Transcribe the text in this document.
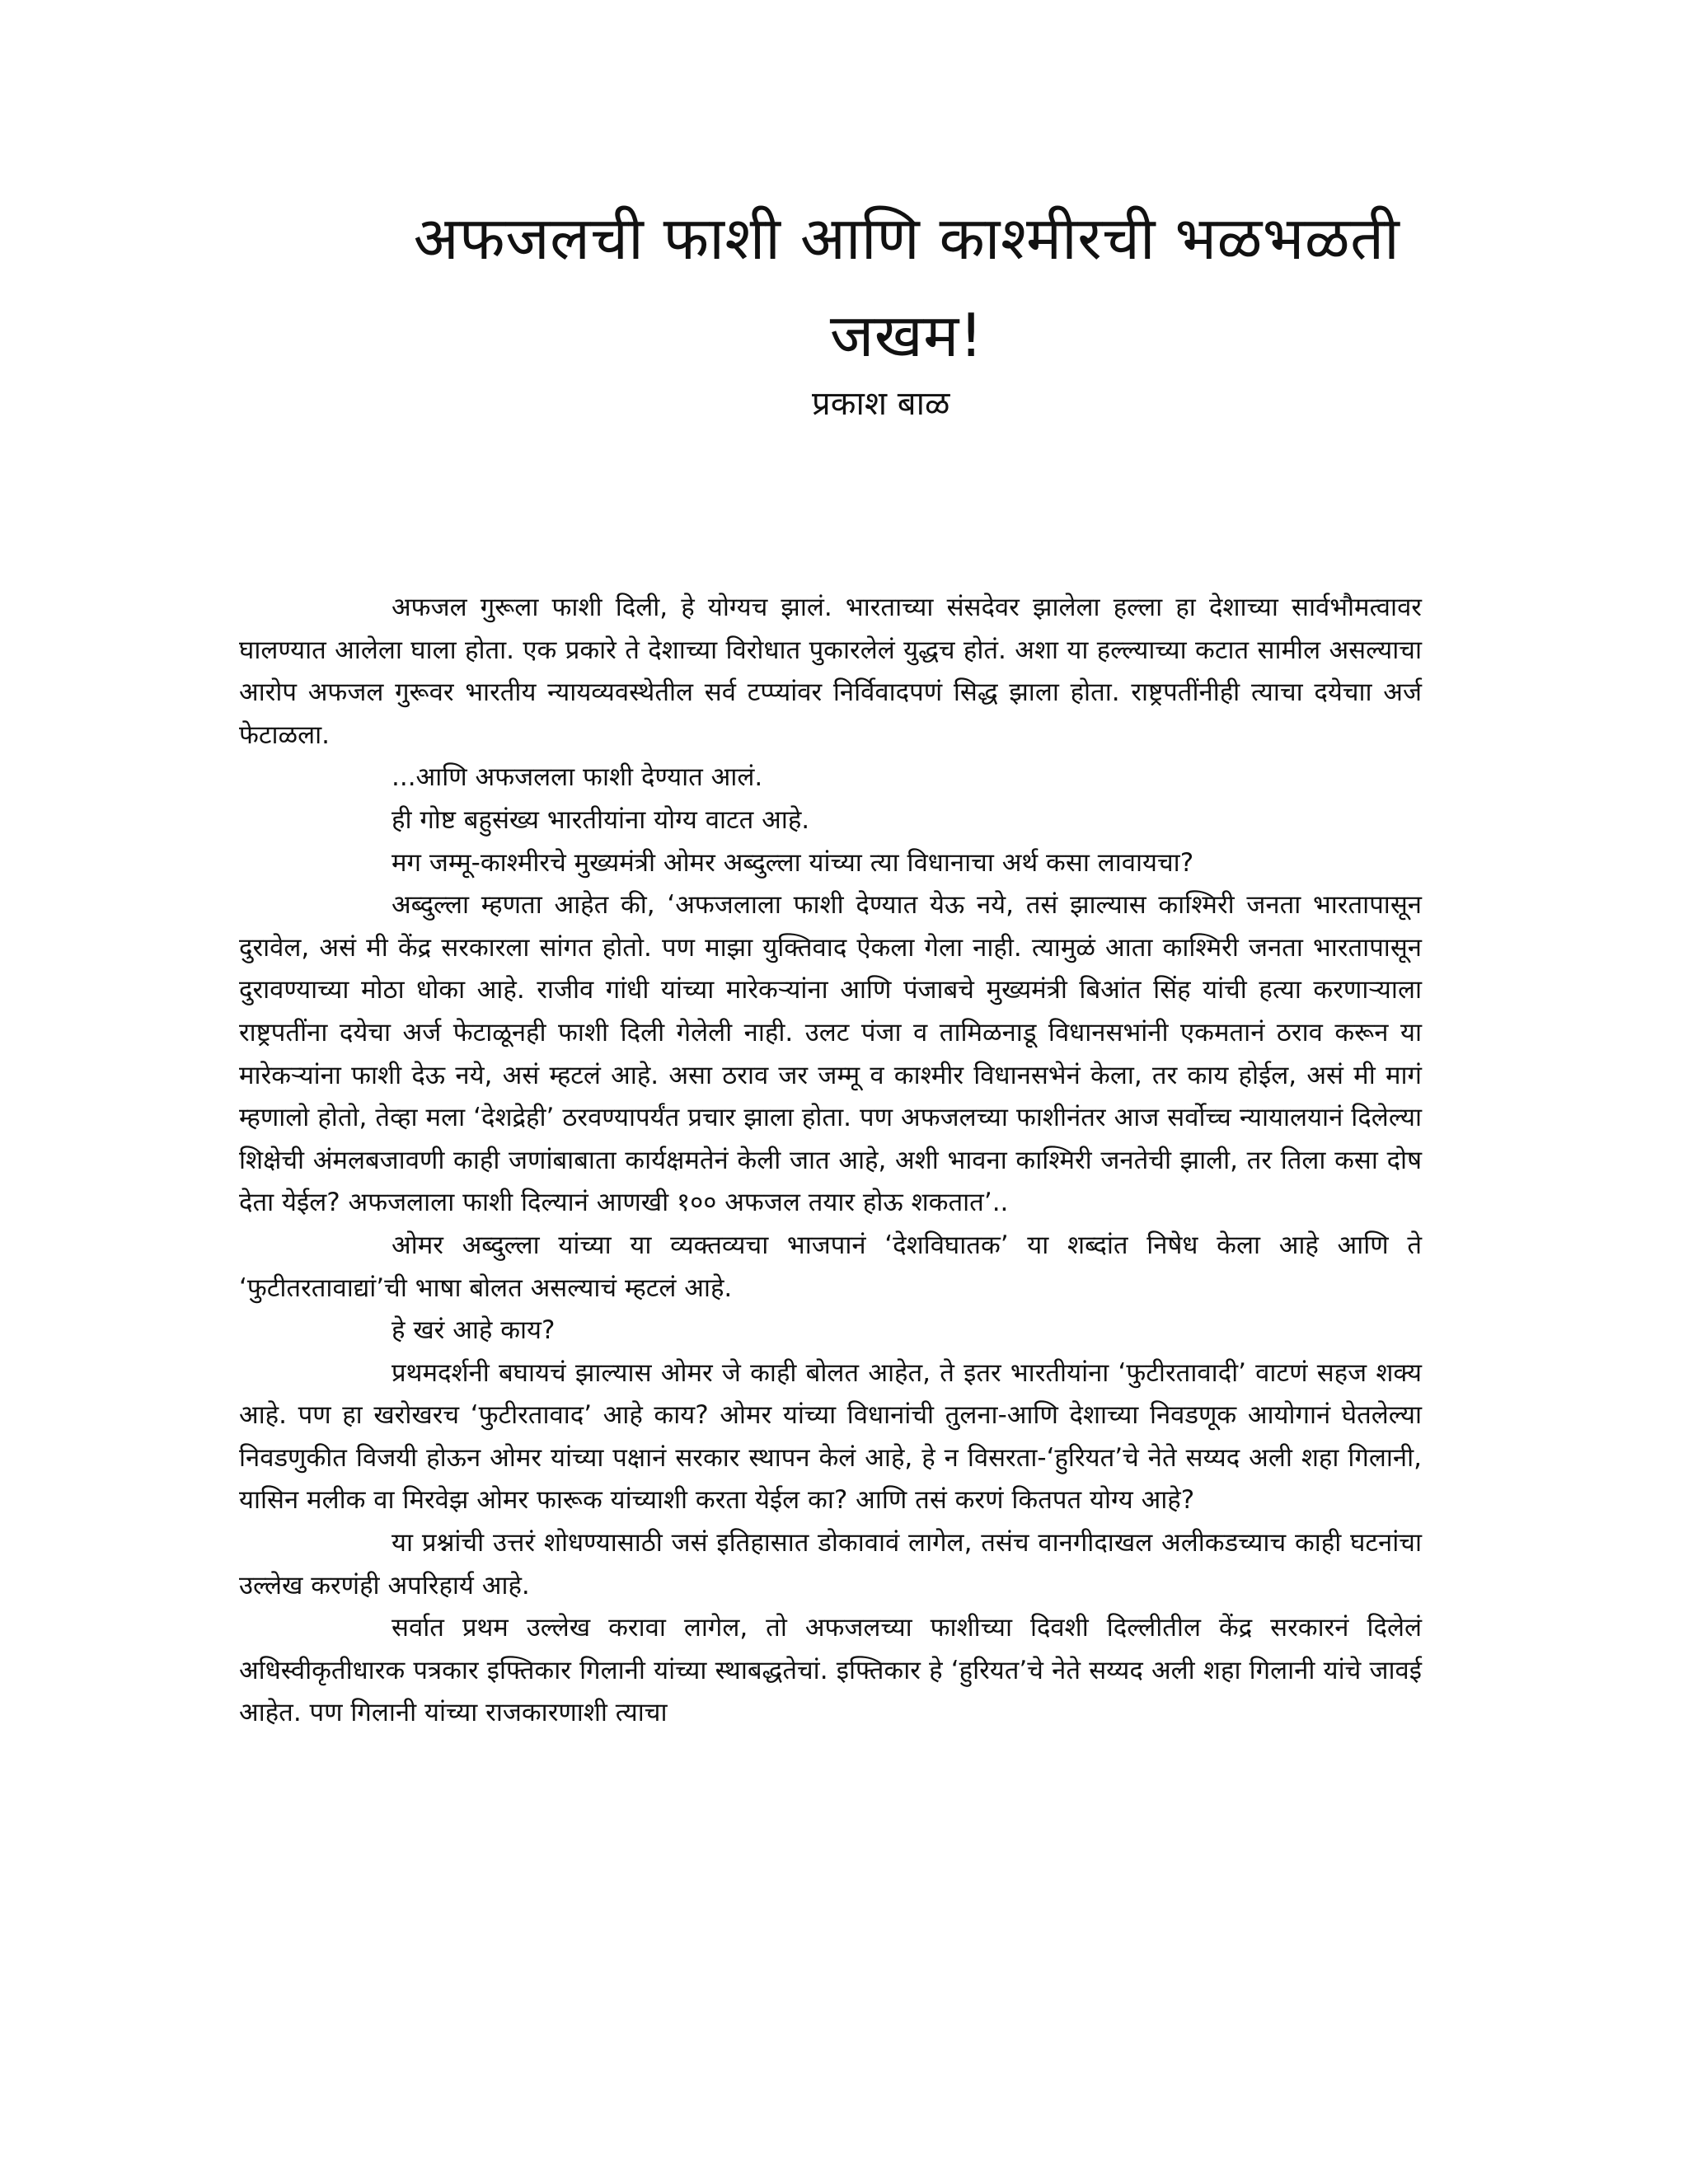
अफजलची फाशी आणि काश्मीरची भळभळती
जखम!
प्रकाश बाळ

अफजल गुरूला फाशी दिली, हे योग्यच झालं. भारताच्या संसदेवर झालेला हल्ला हा देशाच्या सार्वभौमत्वावर घालण्यात आलेला घाला होता. एक प्रकारे ते देशाच्या विरोधात पुकारलेलं युद्धच होतं. अशा या हल्ल्याच्या कटात सामील असल्याचा आरोप अफजल गुरूवर भारतीय न्यायव्यवस्थेतील सर्व टप्प्यांवर निर्विवादपणं सिद्ध झाला होता. राष्ट्रपतींनीही त्याचा दयेचाा अर्ज फेटाळला.

...आणि अफजलला फाशी देण्यात आलं.

ही गोष्ट बहुसंख्य भारतीयांना योग्य वाटत आहे.

मग जम्मू-काश्मीरचे मुख्यमंत्री ओमर अब्दुल्ला यांच्या त्या विधानाचा अर्थ कसा लावायचा?

अब्दुल्ला म्हणता आहेत की, ‘अफजलाला फाशी देण्यात येऊ नये, तसं झाल्यास काश्मिरी जनता भारतापासून दुरावेल, असं मी केंद्र सरकारला सांगत होतो. पण माझा युक्तिवाद ऐकला गेला नाही. त्यामुळं आता काश्मिरी जनता भारतापासून दुरावण्याच्या मोठा धोका आहे. राजीव गांधी यांच्या मारेकऱ्यांना आणि पंजाबचे मुख्यमंत्री बिआंत सिंह यांची हत्या करणाऱ्याला राष्ट्रपतींना दयेचा अर्ज फेटाळूनही फाशी दिली गेलेली नाही. उलट पंजा व तामिळनाडू विधानसभांनी एकमतानं ठराव करून या मारेकऱ्यांना फाशी देऊ नये, असं म्हटलं आहे. असा ठराव जर जम्मू व काश्मीर विधानसभेनं केला, तर काय होईल, असं मी मागं म्हणालो होतो, तेव्हा मला ‘देशद्रेही’ ठरवण्यापर्यंत प्रचार झाला होता. पण अफजलच्या फाशीनंतर आज सर्वोच्च न्यायालयानं दिलेल्या शिक्षेची अंमलबजावणी काही जणांबाबाता कार्यक्षमतेनं केली जात आहे, अशी भावना काश्मिरी जनतेची झाली, तर तिला कसा दोष देता येईल? अफजलाला फाशी दिल्यानं आणखी १०० अफजल तयार होऊ शकतात’..

ओमर अब्दुल्ला यांच्या या व्यक्तव्यचा भाजपानं ‘देशविघातक’ या शब्दांत निषेध केला आहे आणि ते ‘फुटीतरतावाद्यां’ची भाषा बोलत असल्याचं म्हटलं आहे.

हे खरं आहे काय?

प्रथमदर्शनी बघायचं झाल्यास ओमर जे काही बोलत आहेत, ते इतर भारतीयांना ‘फुटीरतावादी’ वाटणं सहज शक्य आहे. पण हा खरोखरच ‘फुटीरतावाद’ आहे काय? ओमर यांच्या विधानांची तुलना-आणि देशाच्या निवडणूक आयोगानं घेतलेल्या निवडणुकीत विजयी होऊन ओमर यांच्या पक्षानं सरकार स्थापन केलं आहे, हे न विसरता-‘हुरियत’चे नेते सय्यद अली शहा गिलानी, यासिन मलीक वा मिरवेझ ओमर फारूक यांच्याशी करता येईल का? आणि तसं करणं कितपत योग्य आहे?

या प्रश्नांची उत्तरं शोधण्यासाठी जसं इतिहासात डोकावावं लागेल, तसंच वानगीदाखल अलीकडच्याच काही घटनांचा उल्लेख करणंही अपरिहार्य आहे.

सर्वात प्रथम उल्लेख करावा लागेल, तो अफजलच्या फाशीच्या दिवशी दिल्लीतील केंद्र सरकारनं दिलेलं अधिस्वीकृतीधारक पत्रकार इफ्तिकार गिलानी यांच्या स्थाबद्धतेचां. इफ्तिकार हे ‘हुरियत’चे नेते सय्यद अली शहा गिलानी यांचे जावई आहेत. पण गिलानी यांच्या राजकारणाशी त्याचा
